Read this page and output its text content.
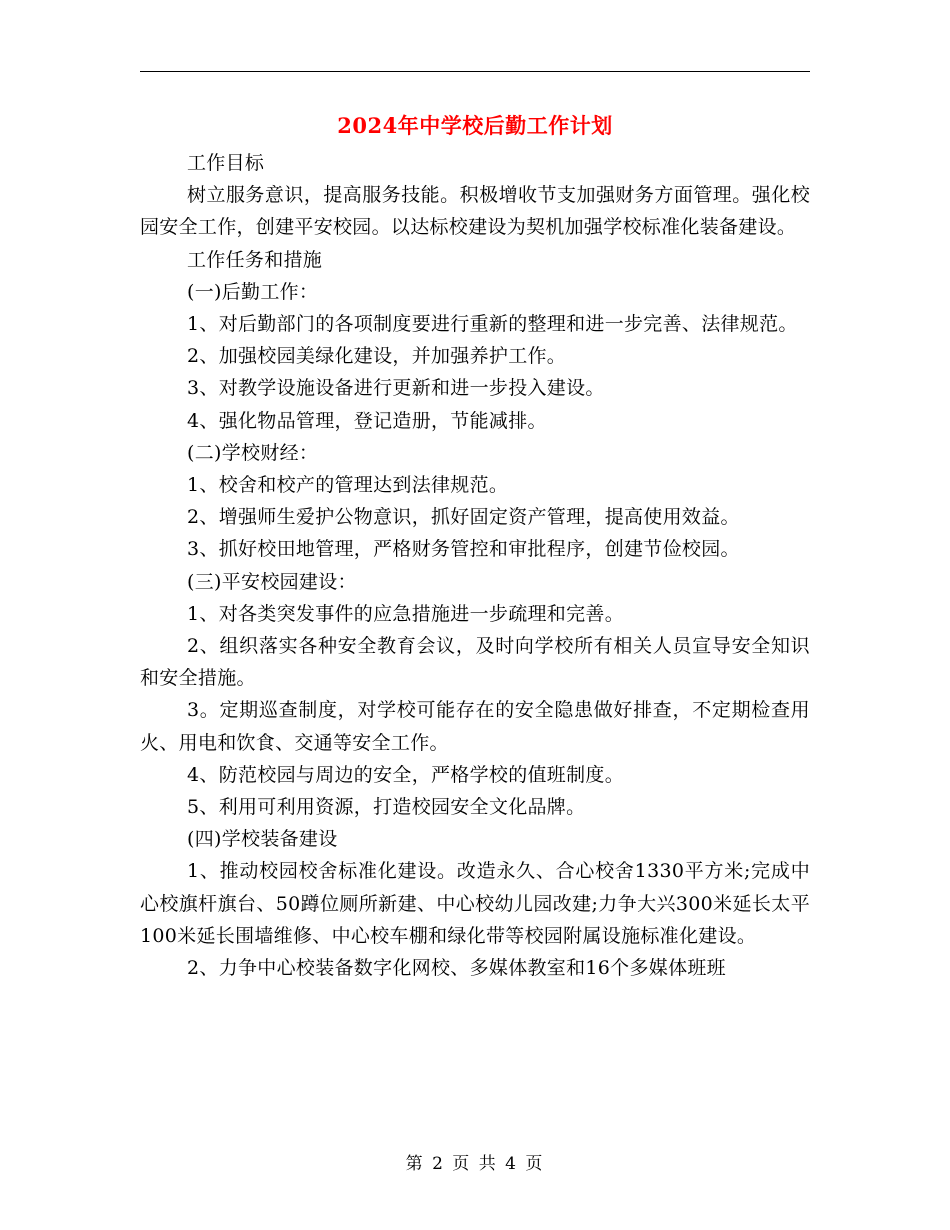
2024年中学校后勤工作计划

工作目标

树立服务意识，提高服务技能。积极增收节支加强财务方面管理。强化校园安全工作，创建平安校园。以达标校建设为契机加强学校标准化装备建设。

工作任务和措施

(一)后勤工作：

1、对后勤部门的各项制度要进行重新的整理和进一步完善、法律规范。

2、加强校园美绿化建设，并加强养护工作。

3、对教学设施设备进行更新和进一步投入建设。

4、强化物品管理，登记造册，节能减排。

(二)学校财经：

1、校舍和校产的管理达到法律规范。

2、增强师生爱护公物意识，抓好固定资产管理，提高使用效益。

3、抓好校田地管理，严格财务管控和审批程序，创建节俭校园。

(三)平安校园建设：

1、对各类突发事件的应急措施进一步疏理和完善。

2、组织落实各种安全教育会议，及时向学校所有相关人员宣导安全知识和安全措施。

3。定期巡查制度，对学校可能存在的安全隐患做好排查，不定期检查用火、用电和饮食、交通等安全工作。

4、防范校园与周边的安全，严格学校的值班制度。

5、利用可利用资源，打造校园安全文化品牌。

(四)学校装备建设

1、推动校园校舍标准化建设。改造永久、合心校舍1330平方米;完成中心校旗杆旗台、50蹲位厕所新建、中心校幼儿园改建;力争大兴300米延长太平100米延长围墙维修、中心校车棚和绿化带等校园附属设施标准化建设。

2、力争中心校装备数字化网校、多媒体教室和16个多媒体班班

第 2 页 共 4 页
